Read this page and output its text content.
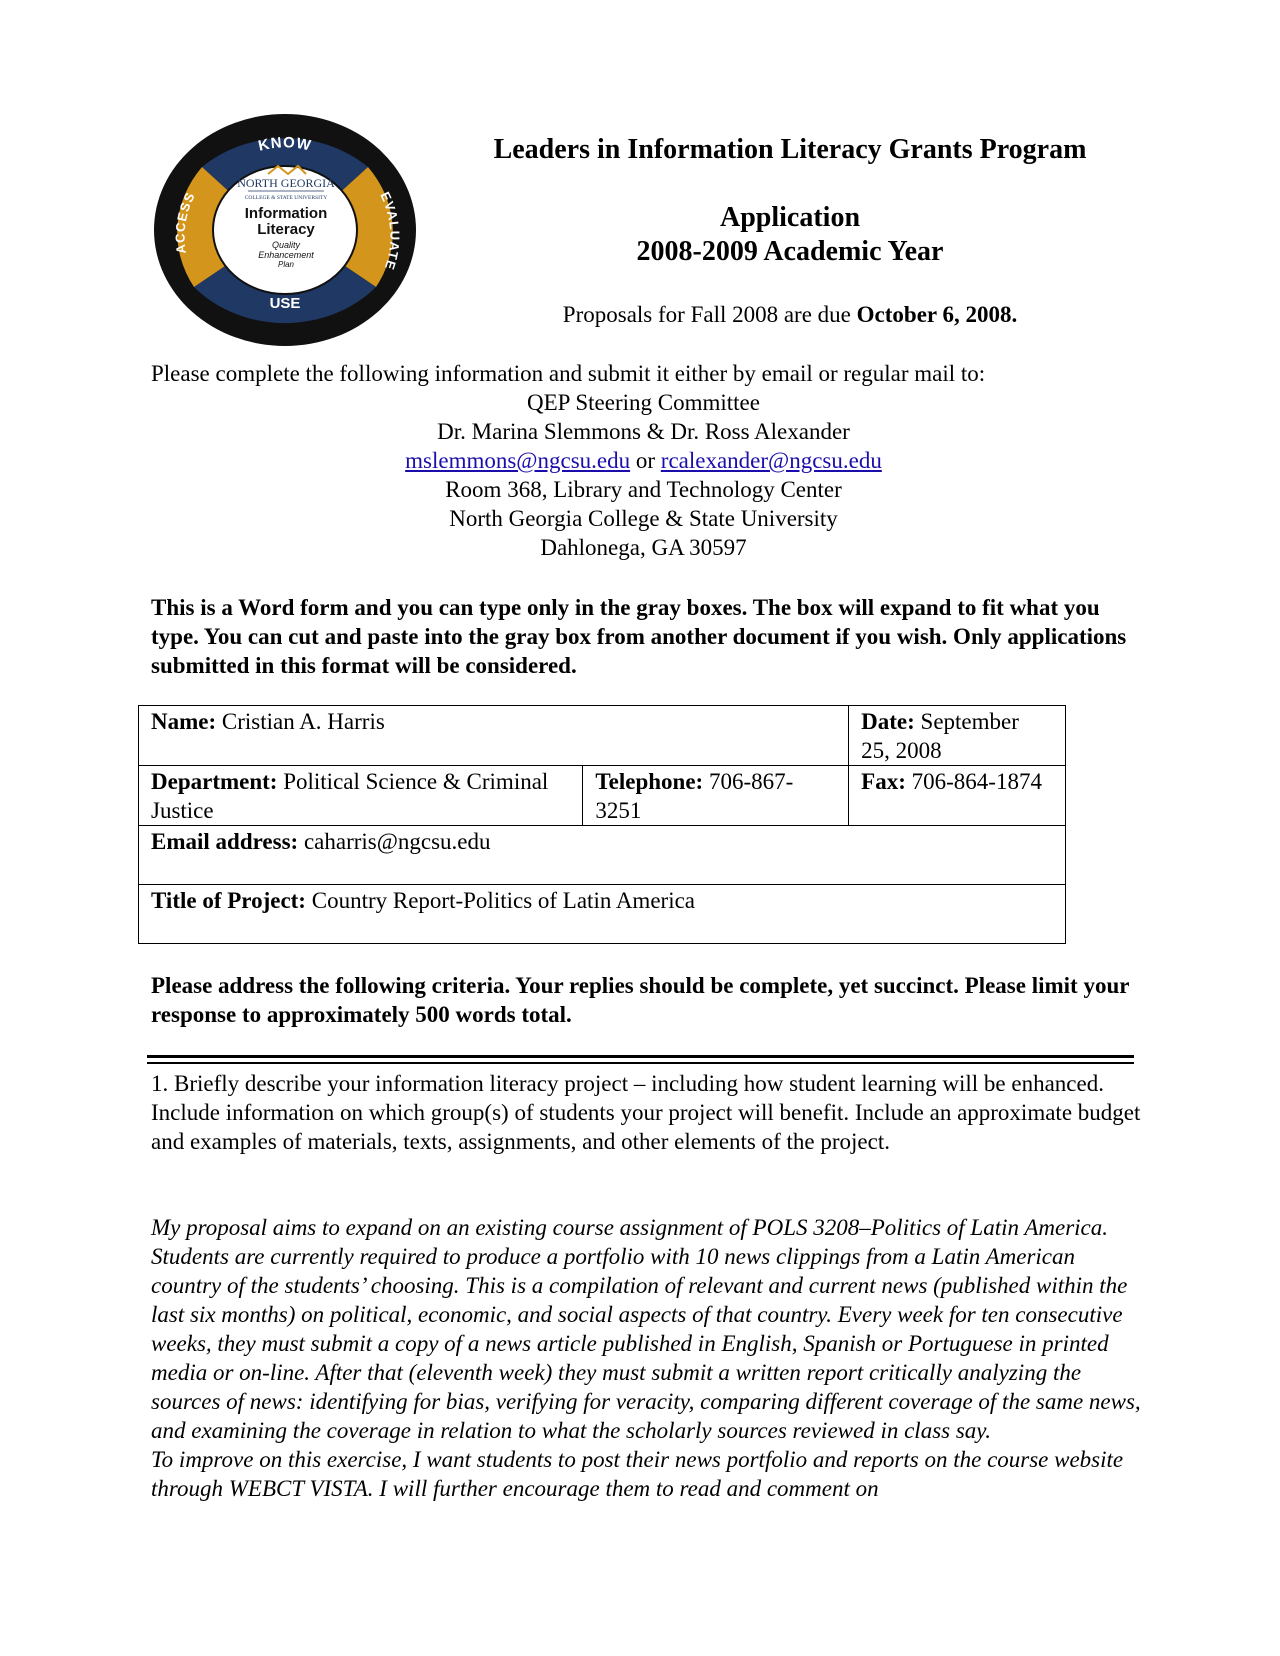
KNOW
USE
ACCESS	EVALUATE
NORTH GEORGIA
COLLEGE & STATE UNIVERSITY
Information
Literacy
Quality
Enhancement
Plan
Leaders in Information Literacy Grants Program
Application
2008-2009 Academic Year
Proposals for Fall 2008 are due October 6, 2008.
Please complete the following information and submit it either by email or regular mail to:
QEP Steering Committee
Dr. Marina Slemmons & Dr. Ross Alexander
mslemmons@ngcsu.edu or rcalexander@ngcsu.edu
Room 368, Library and Technology Center
North Georgia College & State University
Dahlonega, GA 30597
This is a Word form and you can type only in the gray boxes. The box will expand to fit what you type. You can cut and paste into the gray box from another document if you wish. Only applications submitted in this format will be considered.
Name: Cristian A. Harris		Date: September 25, 2008
Department: Political Science & Criminal Justice	Telephone: 706-867-3251	Fax: 706-864-1874
Email address: caharris@ngcsu.edu		
Title of Project: Country Report-Politics of Latin America		
Please address the following criteria. Your replies should be complete, yet succinct. Please limit your response to approximately 500 words total.
1. Briefly describe your information literacy project – including how student learning will be enhanced. Include information on which group(s) of students your project will benefit. Include an approximate budget and examples of materials, texts, assignments, and other elements of the project.

My proposal aims to expand on an existing course assignment of POLS 3208–Politics of Latin America. Students are currently required to produce a portfolio with 10 news clippings from a Latin American country of the students’ choosing. This is a compilation of relevant and current news (published within the last six months) on political, economic, and social aspects of that country. Every week for ten consecutive weeks, they must submit a copy of a news article published in English, Spanish or Portuguese in printed media or on-line. After that (eleventh week) they must submit a written report critically analyzing the sources of news: identifying for bias, verifying for veracity, comparing different coverage of the same news, and examining the coverage in relation to what the scholarly sources reviewed in class say.

To improve on this exercise, I want students to post their news portfolio and reports on the course website through WEBCT VISTA. I will further encourage them to read and comment on
